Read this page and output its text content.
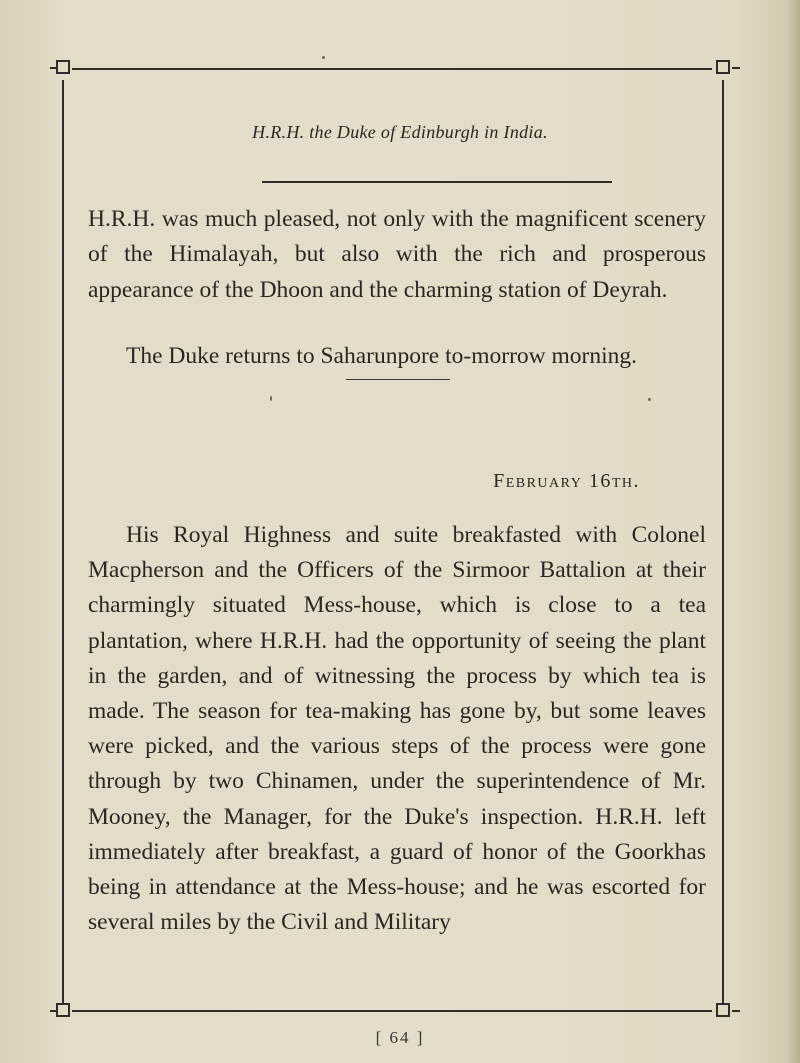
H.R.H. the Duke of Edinburgh in India.

H.R.H. was much pleased, not only with the magnificent scenery of the Himalayah, but also with the rich and prosperous appearance of the Dhoon and the charming station of Deyrah.

The Duke returns to Saharunpore to-morrow morning.

February 16th.

His Royal Highness and suite breakfasted with Colonel Macpherson and the Officers of the Sirmoor Battalion at their charmingly situated Mess-house, which is close to a tea plantation, where H.R.H. had the opportunity of seeing the plant in the garden, and of witnessing the process by which tea is made. The season for tea-making has gone by, but some leaves were picked, and the various steps of the process were gone through by two Chinamen, under the superintendence of Mr. Mooney, the Manager, for the Duke's inspection. H.R.H. left immediately after breakfast, a guard of honor of the Goorkhas being in attendance at the Mess-house; and he was escorted for several miles by the Civil and Military

[ 64 ]
